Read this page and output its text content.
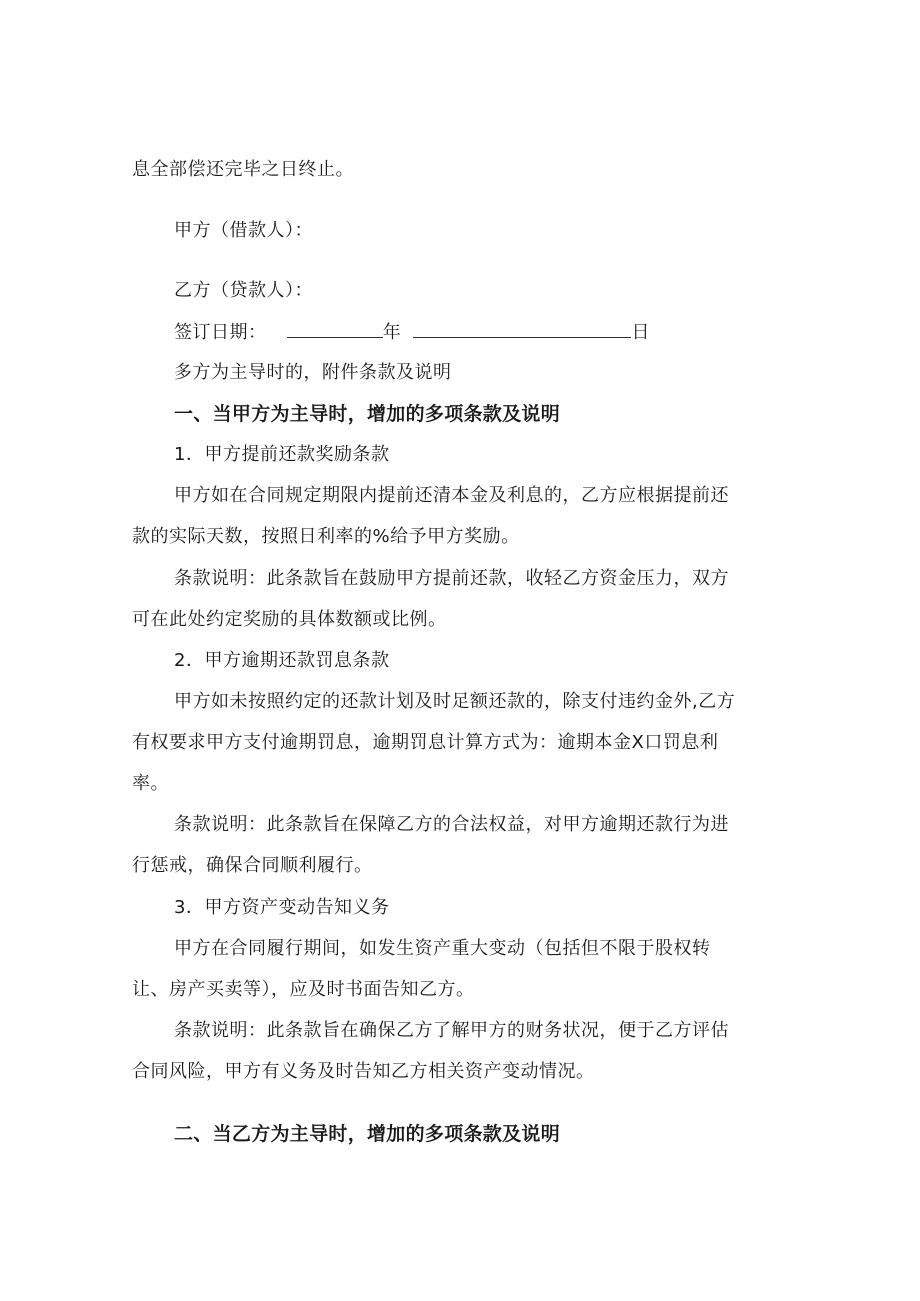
息全部偿还完毕之日终止。
甲方（借款人）：
乙方（贷款人）：
签订日期：	年	日
多方为主导时的，附件条款及说明
一、当甲方为主导时，增加的多项条款及说明
1．甲方提前还款奖励条款
甲方如在合同规定期限内提前还清本金及利息的，乙方应根据提前还
款的实际天数，按照日利率的%给予甲方奖励。
条款说明：此条款旨在鼓励甲方提前还款，收轻乙方资金压力，双方
可在此处约定奖励的具体数额或比例。
2．甲方逾期还款罚息条款
甲方如未按照约定的还款计划及时足额还款的，除支付违约金外,乙方
有权要求甲方支付逾期罚息，逾期罚息计算方式为：逾期本金X口罚息利
率。
条款说明：此条款旨在保障乙方的合法权益，对甲方逾期还款行为进
行惩戒，确保合同顺利履行。
3．甲方资产变动告知义务
甲方在合同履行期间，如发生资产重大变动（包括但不限于股权转
让、房产买卖等），应及时书面告知乙方。
条款说明：此条款旨在确保乙方了解甲方的财务状况，便于乙方评估
合同风险，甲方有义务及时告知乙方相关资产变动情况。
二、当乙方为主导时，增加的多项条款及说明
